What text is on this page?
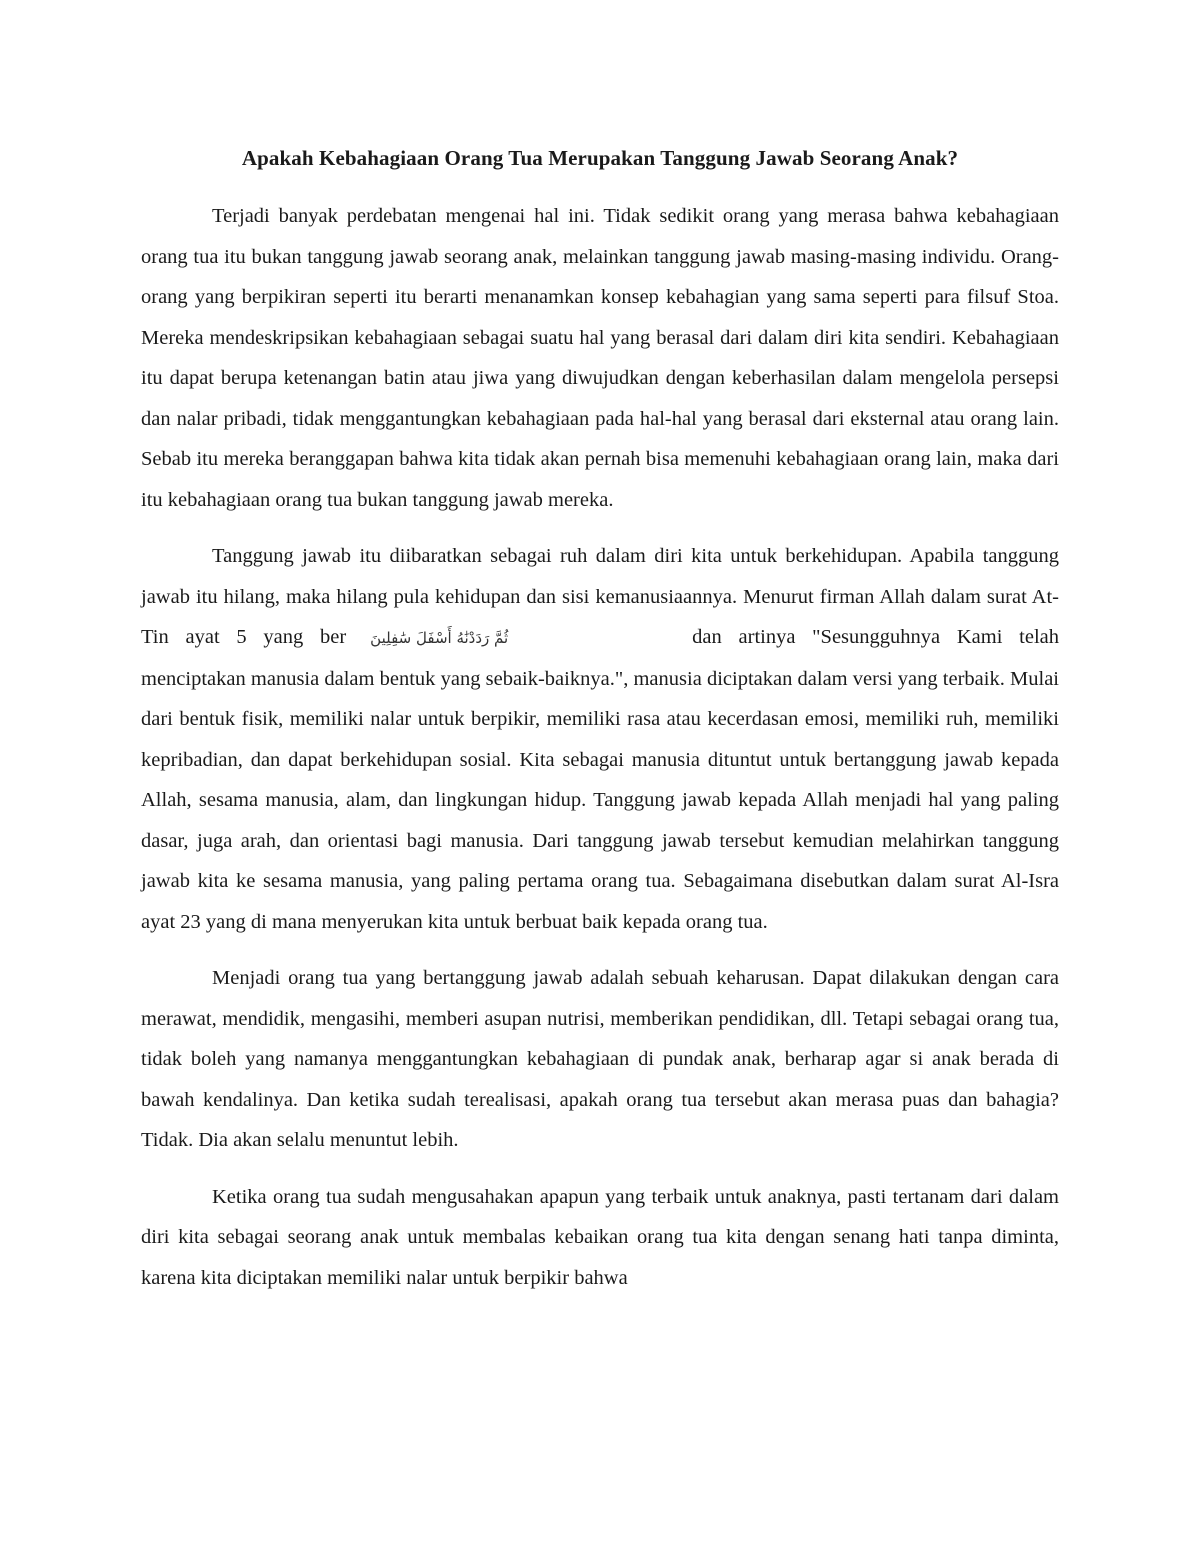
Apakah Kebahagiaan Orang Tua Merupakan Tanggung Jawab Seorang Anak?

Terjadi banyak perdebatan mengenai hal ini. Tidak sedikit orang yang merasa bahwa kebahagiaan orang tua itu bukan tanggung jawab seorang anak, melainkan tanggung jawab masing-masing individu. Orang-orang yang berpikiran seperti itu berarti menanamkan konsep kebahagian yang sama seperti para filsuf Stoa. Mereka mendeskripsikan kebahagiaan sebagai suatu hal yang berasal dari dalam diri kita sendiri. Kebahagiaan itu dapat berupa ketenangan batin atau jiwa yang diwujudkan dengan keberhasilan dalam mengelola persepsi dan nalar pribadi, tidak menggantungkan kebahagiaan pada hal-hal yang berasal dari eksternal atau orang lain. Sebab itu mereka beranggapan bahwa kita tidak akan pernah bisa memenuhi kebahagiaan orang lain, maka dari itu kebahagiaan orang tua bukan tanggung jawab mereka.

Tanggung jawab itu diibaratkan sebagai ruh dalam diri kita untuk berkehidupan. Apabila tanggung jawab itu hilang, maka hilang pula kehidupan dan sisi kemanusiaannya. Menurut firman Allah dalam surat At-Tin ayat 5 yang ber ثُمَّ رَدَدْنَٰهُ أَسْفَلَ سَٰفِلِينَ	dan artinya "Sesungguhnya Kami telah menciptakan manusia dalam bentuk yang sebaik-baiknya.", manusia diciptakan dalam versi yang terbaik. Mulai dari bentuk fisik, memiliki nalar untuk berpikir, memiliki rasa atau kecerdasan emosi, memiliki ruh, memiliki kepribadian, dan dapat berkehidupan sosial. Kita sebagai manusia dituntut untuk bertanggung jawab kepada Allah, sesama manusia, alam, dan lingkungan hidup. Tanggung jawab kepada Allah menjadi hal yang paling dasar, juga arah, dan orientasi bagi manusia. Dari tanggung jawab tersebut kemudian melahirkan tanggung jawab kita ke sesama manusia, yang paling pertama orang tua. Sebagaimana disebutkan dalam surat Al-Isra ayat 23 yang di mana menyerukan kita untuk berbuat baik kepada orang tua.

Menjadi orang tua yang bertanggung jawab adalah sebuah keharusan. Dapat dilakukan dengan cara merawat, mendidik, mengasihi, memberi asupan nutrisi, memberikan pendidikan, dll. Tetapi sebagai orang tua, tidak boleh yang namanya menggantungkan kebahagiaan di pundak anak, berharap agar si anak berada di bawah kendalinya. Dan ketika sudah terealisasi, apakah orang tua tersebut akan merasa puas dan bahagia? Tidak. Dia akan selalu menuntut lebih.

Ketika orang tua sudah mengusahakan apapun yang terbaik untuk anaknya, pasti tertanam dari dalam diri kita sebagai seorang anak untuk membalas kebaikan orang tua kita dengan senang hati tanpa diminta, karena kita diciptakan memiliki nalar untuk berpikir bahwa
